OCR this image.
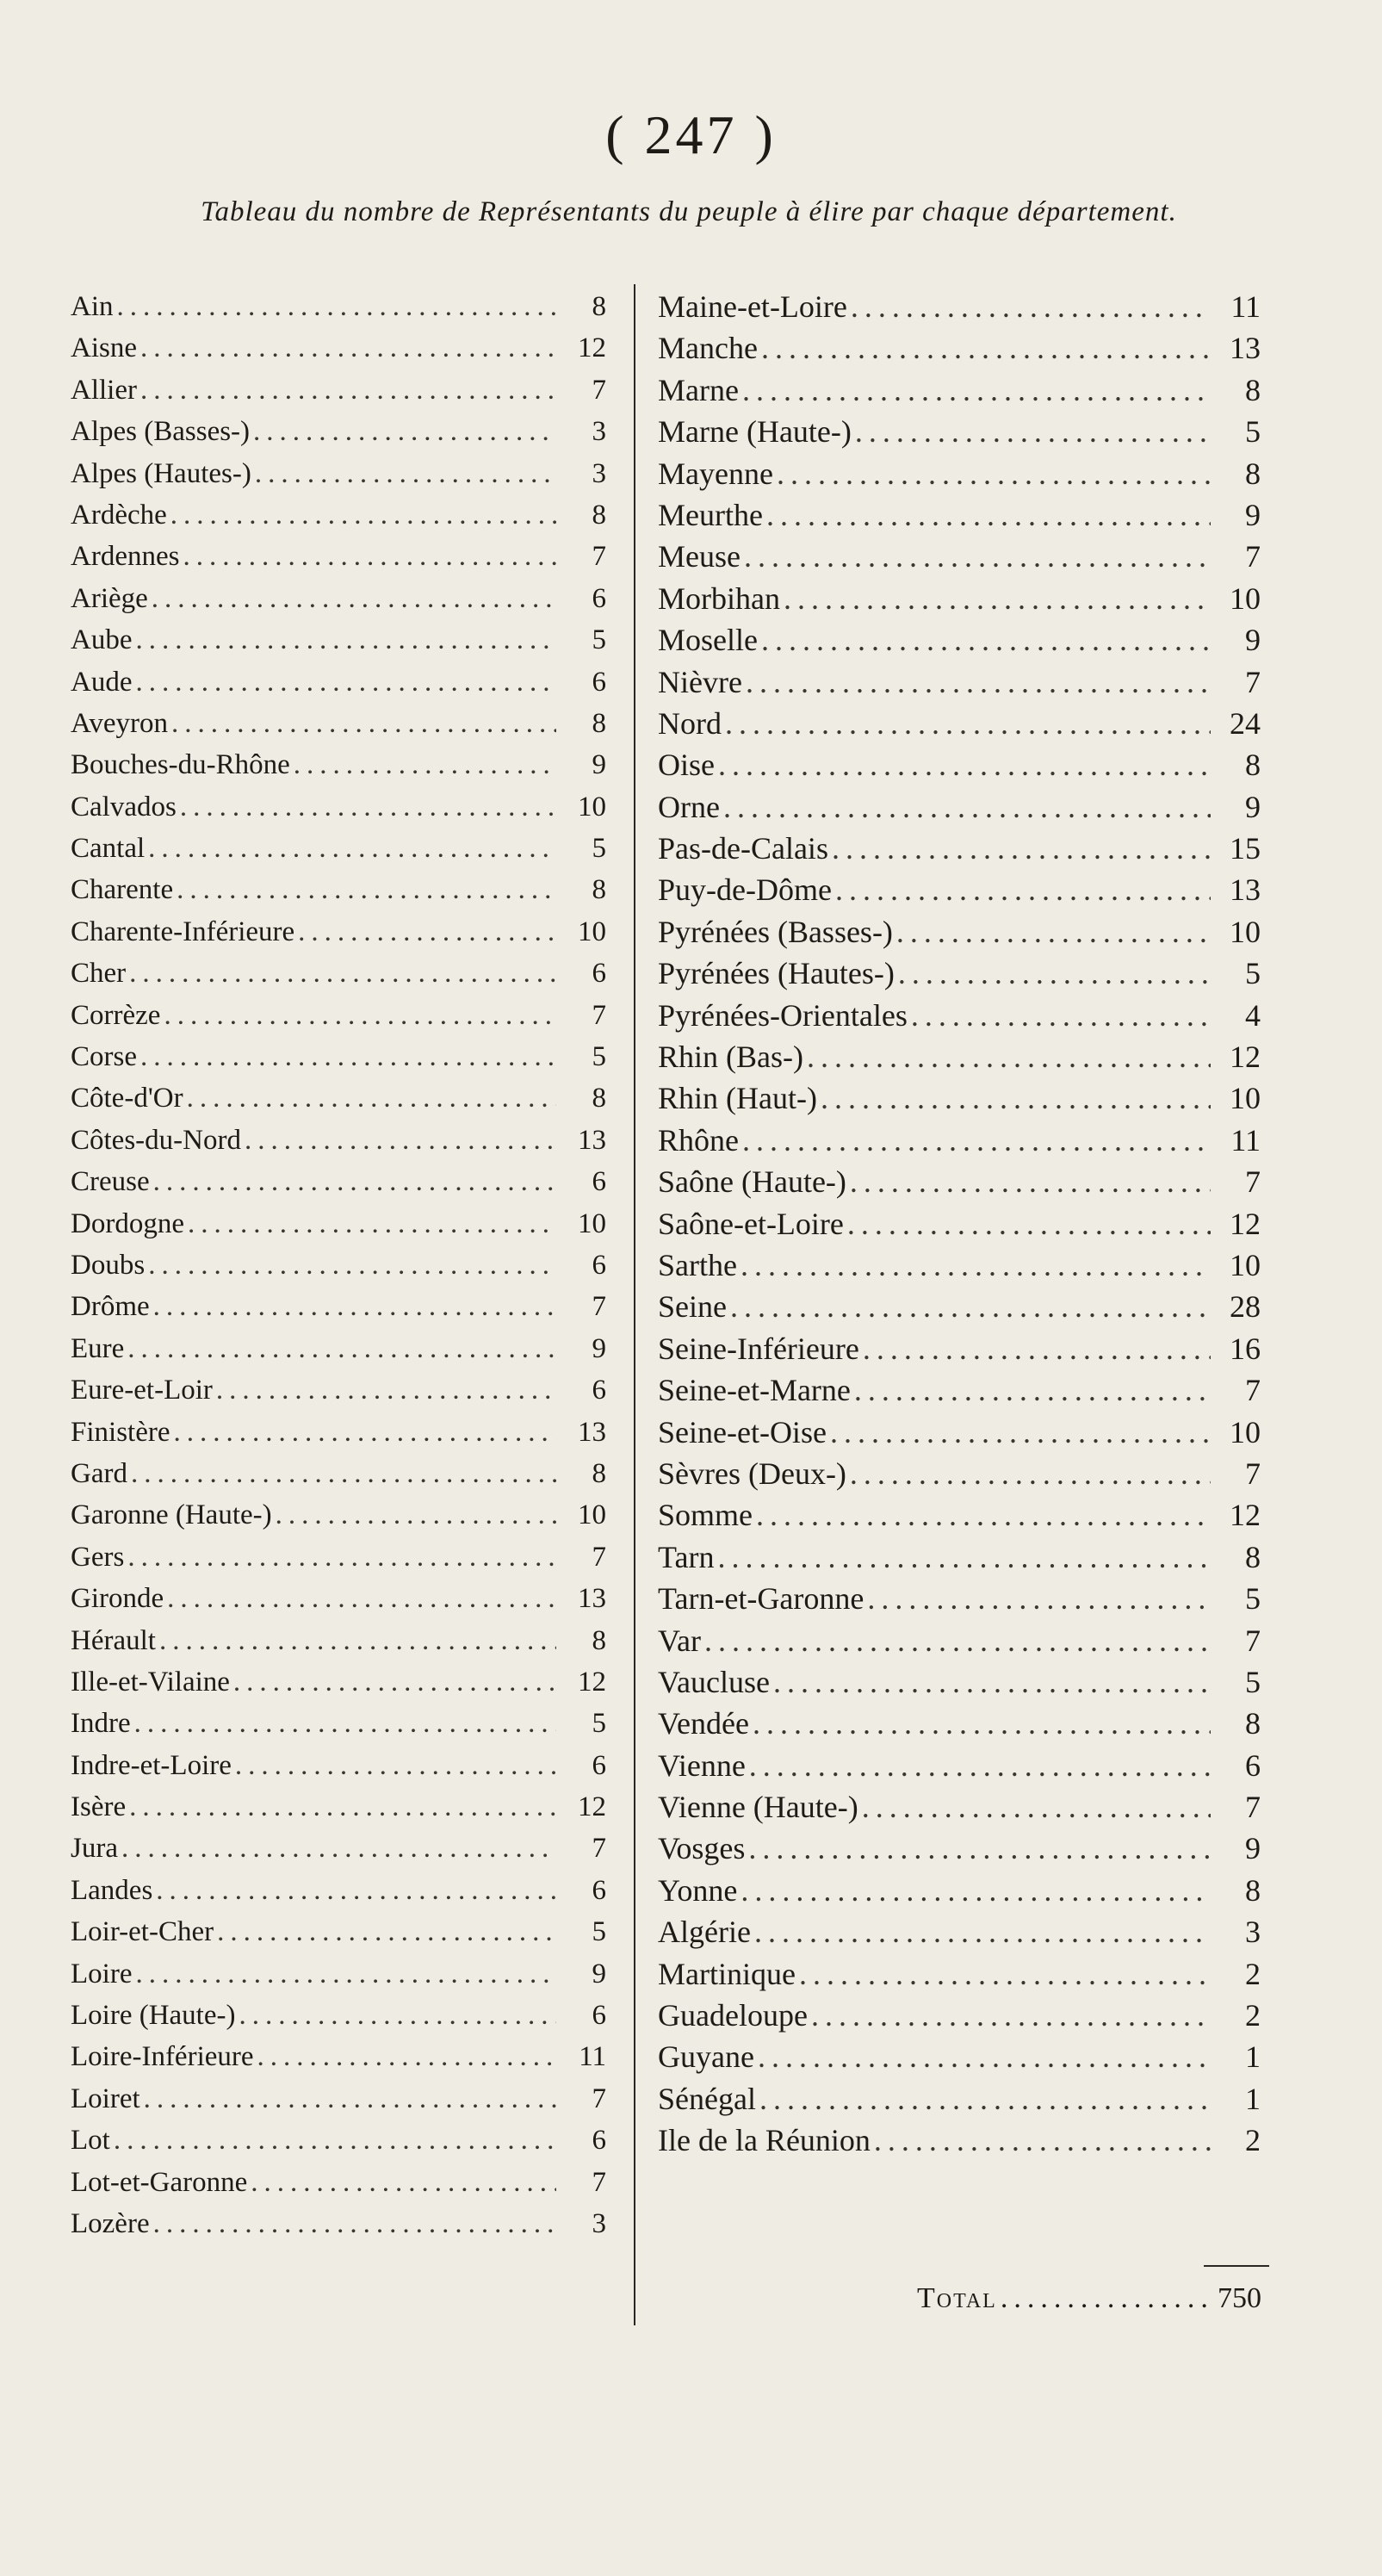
( 247 )
Tableau du nombre de Représentants du peuple à élire par chaque département.
Ain .....	8
Aisne .....	12
Allier .....	7
Alpes (Basses-) .....	3
Alpes (Hautes-) .....	3
Ardèche .....	8
Ardennes .....	7
Ariège .....	6
Aube .....	5
Aude .....	6
Aveyron .....	8
Bouches-du-Rhône .....	9
Calvados .....	10
Cantal .....	5
Charente .....	8
Charente-Inférieure .....	10
Cher .....	6
Corrèze .....	7
Corse .....	5
Côte-d'Or .....	8
Côtes-du-Nord .....	13
Creuse .....	6
Dordogne .....	10
Doubs .....	6
Drôme .....	7
Eure .....	9
Eure-et-Loir .....	6
Finistère .....	13
Gard .....	8
Garonne (Haute-) .....	10
Gers .....	7
Gironde .....	13
Hérault .....	8
Ille-et-Vilaine .....	12
Indre .....	5
Indre-et-Loire .....	6
Isère .....	12
Jura .....	7
Landes .....	6
Loir-et-Cher .....	5
Loire .....	9
Loire (Haute-) .....	6
Loire-Inférieure .....	11
Loiret .....	7
Lot .....	6
Lot-et-Garonne .....	7
Lozère .....	3
Maine-et-Loire .....	11
Manche .....	13
Marne .....	8
Marne (Haute-) .....	5
Mayenne .....	8
Meurthe .....	9
Meuse .....	7
Morbihan .....	10
Moselle .....	9
Nièvre .....	7
Nord .....	24
Oise .....	8
Orne .....	9
Pas-de-Calais .....	15
Puy-de-Dôme .....	13
Pyrénées (Basses-) .....	10
Pyrénées (Hautes-) .....	5
Pyrénées-Orientales .....	4
Rhin (Bas-) .....	12
Rhin (Haut-) .....	10
Rhône .....	11
Saône (Haute-) .....	7
Saône-et-Loire .....	12
Sarthe .....	10
Seine .....	28
Seine-Inférieure .....	16
Seine-et-Marne .....	7
Seine-et-Oise .....	10
Sèvres (Deux-) .....	7
Somme .....	12
Tarn .....	8
Tarn-et-Garonne .....	5
Var .....	7
Vaucluse .....	5
Vendée .....	8
Vienne .....	6
Vienne (Haute-) .....	7
Vosges .....	9
Yonne .....	8
Algérie .....	3
Martinique .....	2
Guadeloupe .....	2
Guyane .....	1
Sénégal .....	1
Ile de la Réunion .....	2
Total .....	750
